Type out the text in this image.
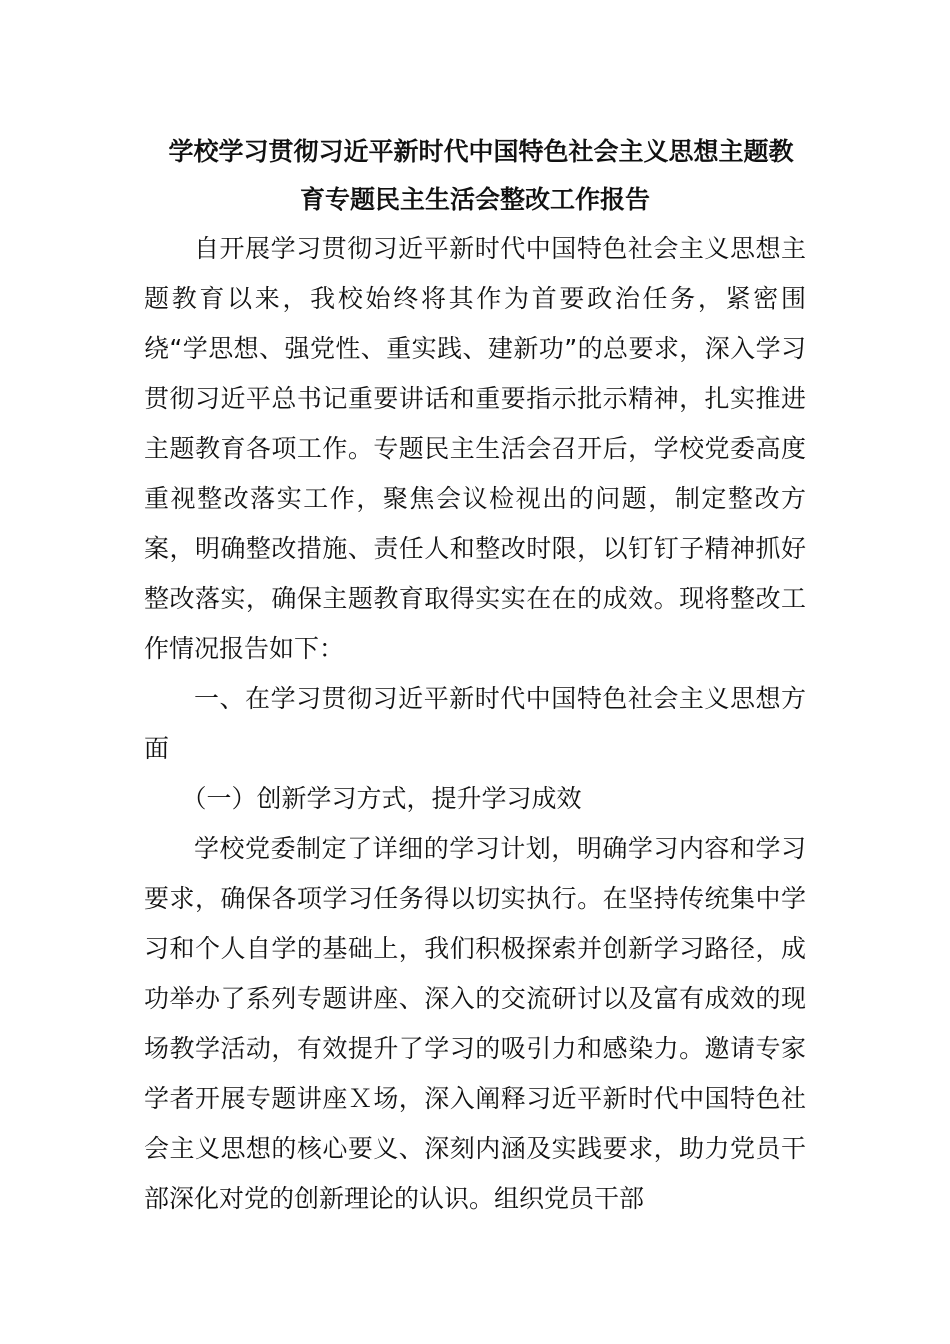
学校学习贯彻习近平新时代中国特色社会主义思想主题教
育专题民主生活会整改工作报告

自开展学习贯彻习近平新时代中国特色社会主义思想主题教育以来，我校始终将其作为首要政治任务，紧密围绕“学思想、强党性、重实践、建新功”的总要求，深入学习贯彻习近平总书记重要讲话和重要指示批示精神，扎实推进主题教育各项工作。专题民主生活会召开后，学校党委高度重视整改落实工作，聚焦会议检视出的问题，制定整改方案，明确整改措施、责任人和整改时限，以钉钉子精神抓好整改落实，确保主题教育取得实实在在的成效。现将整改工作情况报告如下：

一、在学习贯彻习近平新时代中国特色社会主义思想方面

（一）创新学习方式，提升学习成效

学校党委制定了详细的学习计划，明确学习内容和学习要求，确保各项学习任务得以切实执行。在坚持传统集中学习和个人自学的基础上，我们积极探索并创新学习路径，成功举办了系列专题讲座、深入的交流研讨以及富有成效的现场教学活动，有效提升了学习的吸引力和感染力。邀请专家学者开展专题讲座Ｘ场，深入阐释习近平新时代中国特色社会主义思想的核心要义、深刻内涵及实践要求，助力党员干部深化对党的创新理论的认识。组织党员干部
